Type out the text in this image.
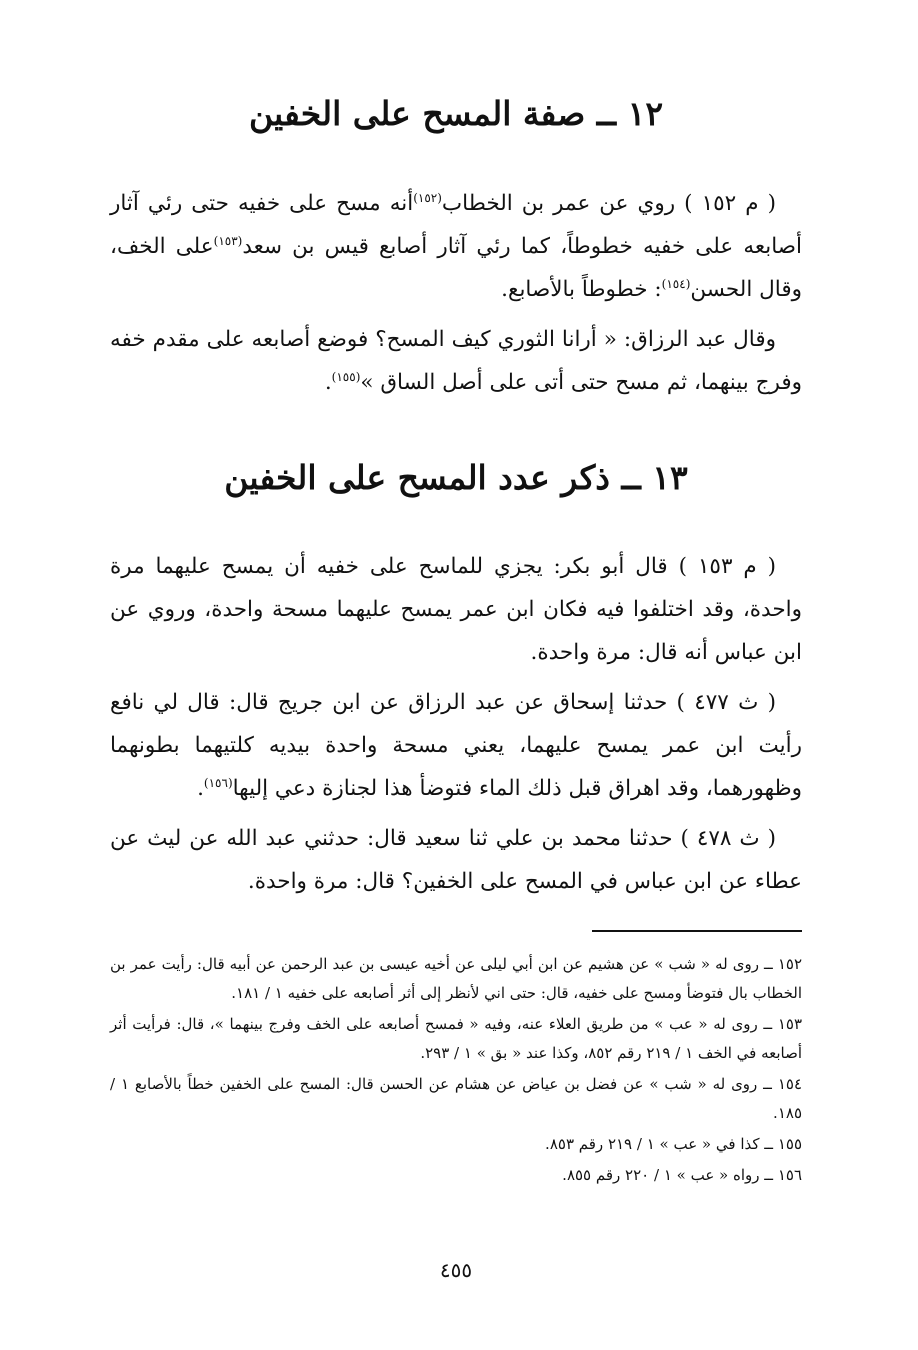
١٢ ــ صفة المسح على الخفين

( م ١٥٢ ) روي عن عمر بن الخطاب$^{(١٥٢)}$أنه مسح على خفيه حتى رئي آثار أصابعه على خفيه خطوطاً، كما رئي آثار أصابع قيس بن سعد$^{(١٥٣)}$على الخف، وقال الحسن$^{(١٥٤)}$: خطوطاً بالأصابع.

وقال عبد الرزاق: « أرانا الثوري كيف المسح؟ فوضع أصابعه على مقدم خفه وفرج بينهما، ثم مسح حتى أتى على أصل الساق »$^{(١٥٥)}$.

١٣ ــ ذكر عدد المسح على الخفين

( م ١٥٣ ) قال أبو بكر: يجزي للماسح على خفيه أن يمسح عليهما مرة واحدة، وقد اختلفوا فيه فكان ابن عمر يمسح عليهما مسحة واحدة، وروي عن ابن عباس أنه قال: مرة واحدة.

( ث ٤٧٧ ) حدثنا إسحاق عن عبد الرزاق عن ابن جريج قال: قال لي نافع رأيت ابن عمر يمسح عليهما، يعني مسحة واحدة بيديه كلتيهما بطونهما وظهورهما، وقد اهراق قبل ذلك الماء فتوضأ هذا لجنازة دعي إليها$^{(١٥٦)}$.

( ث ٤٧٨ ) حدثنا محمد بن علي ثنا سعيد قال: حدثني عبد الله عن ليث عن عطاء عن ابن عباس في المسح على الخفين؟ قال: مرة واحدة.

١٥٢ ــ روى له « شب » عن هشيم عن ابن أبي ليلى عن أخيه عيسى بن عبد الرحمن عن أبيه قال: رأيت عمر بن الخطاب بال فتوضأ ومسح على خفيه، قال: حتى اني لأنظر إلى أثر أصابعه على خفيه ١ / ١٨١.

١٥٣ ــ روى له « عب » من طريق العلاء عنه، وفيه « فمسح أصابعه على الخف وفرج بينهما »، قال: فرأيت أثر أصابعه في الخف ١ / ٢١٩ رقم ٨٥٢، وكذا عند « بق » ١ / ٢٩٣.

١٥٤ ــ روى له « شب » عن فضل بن عياض عن هشام عن الحسن قال: المسح على الخفين خطاً بالأصابع ١ / ١٨٥.

١٥٥ ــ كذا في « عب » ١ / ٢١٩ رقم ٨٥٣.

١٥٦ ــ رواه « عب » ١ / ٢٢٠ رقم ٨٥٥.

٤٥٥
